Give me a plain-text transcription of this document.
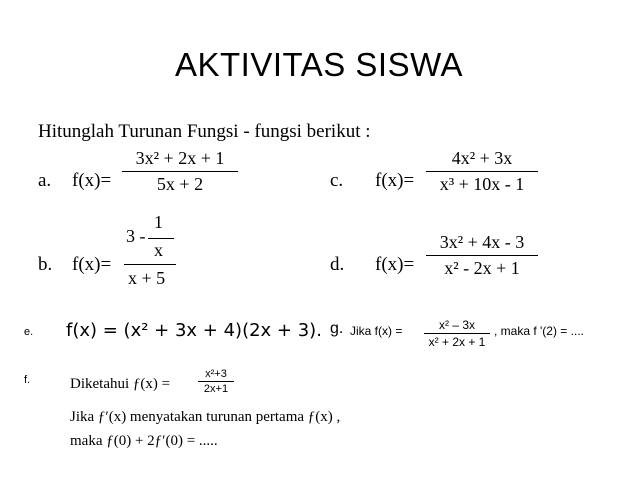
AKTIVITAS SISWA
Hitunglah Turunan Fungsi - fungsi berikut :
a. f(x)=
3x² + 2x + 1
5x + 2	c. f(x)=
4x² + 3x
x³ + 10x - 1
b. f(x)=
1
3 -
x
x + 5
d. f(x)=
3x² + 4x - 3
x² - 2x + 1
e. f(x) = (x² + 3x + 4)(2x + 3). g. Jika f(x) =	x² – 3x
x² + 2x + 1
, maka f '(2) = ....
f.	Diketahui ƒ(x) =
x²+3
2x+1
Jika ƒ′(x) menyatakan turunan pertama ƒ(x) ,
maka ƒ(0) + 2ƒ′(0) = .....
